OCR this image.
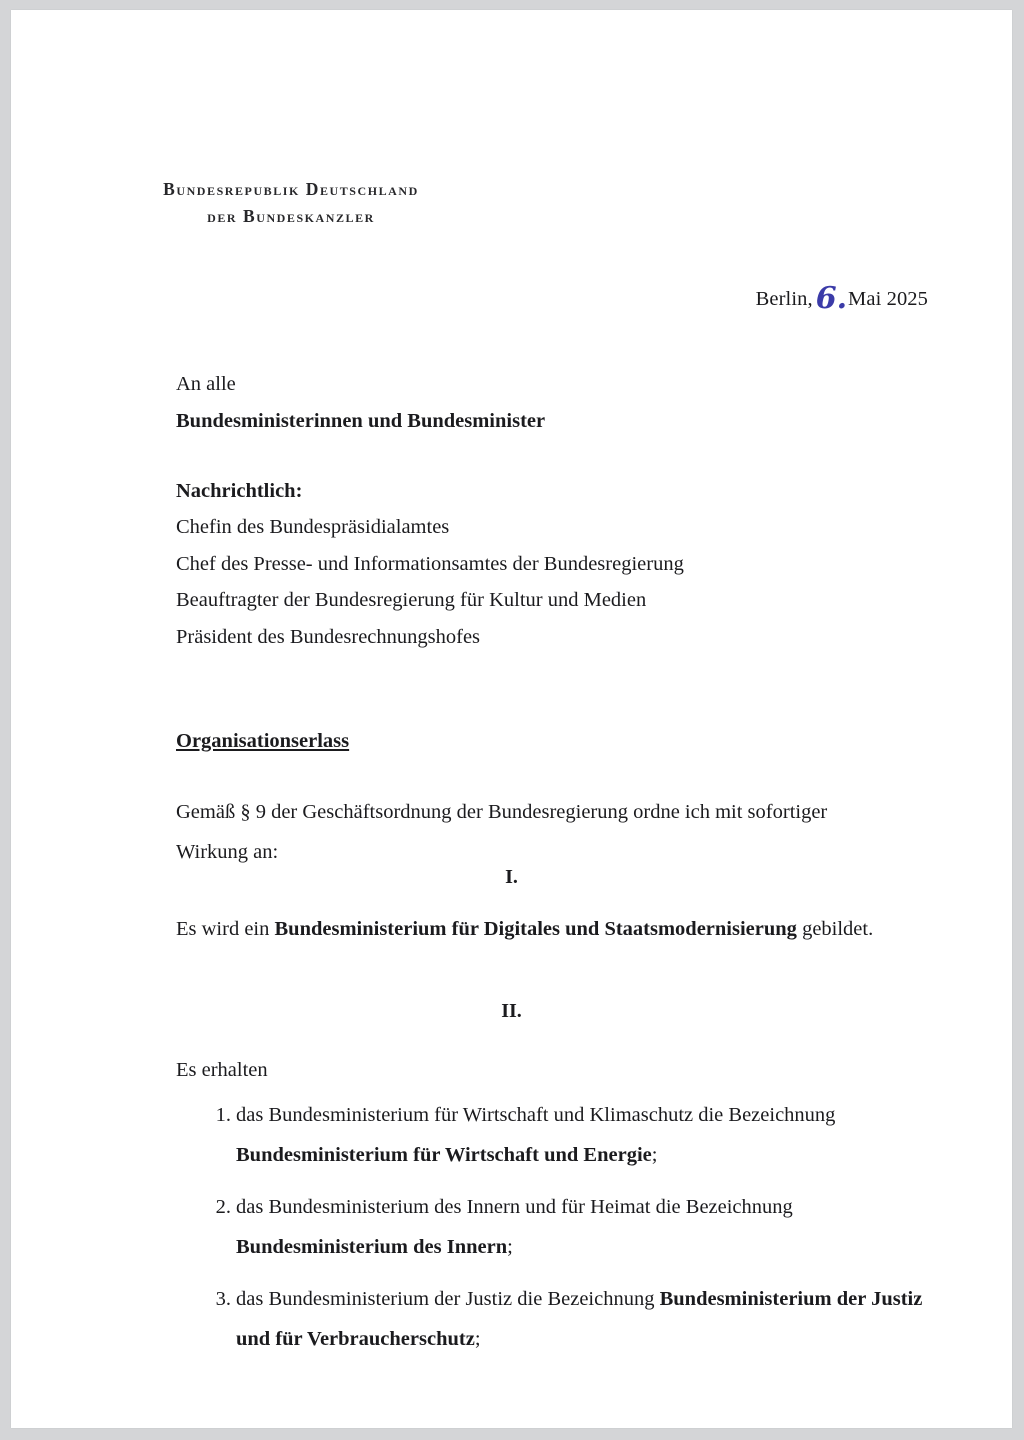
Bundesrepublik Deutschland
der Bundeskanzler
Berlin, 6.Mai 2025
An alle
Bundesministerinnen und Bundesminister
Nachrichtlich:
Chefin des Bundespräsidialamtes
Chef des Presse- und Informationsamtes der Bundesregierung
Beauftragter der Bundesregierung für Kultur und Medien
Präsident des Bundesrechnungshofes
Organisationserlass
Gemäß § 9 der Geschäftsordnung der Bundesregierung ordne ich mit sofortiger Wirkung an:
I.
Es wird ein Bundesministerium für Digitales und Staatsmodernisierung gebildet.
II.
Es erhalten
1. das Bundesministerium für Wirtschaft und Klimaschutz die Bezeichnung Bundesministerium für Wirtschaft und Energie;
2. das Bundesministerium des Innern und für Heimat die Bezeichnung Bundesministerium des Innern;
3. das Bundesministerium der Justiz die Bezeichnung Bundesministerium der Justiz und für Verbraucherschutz;
